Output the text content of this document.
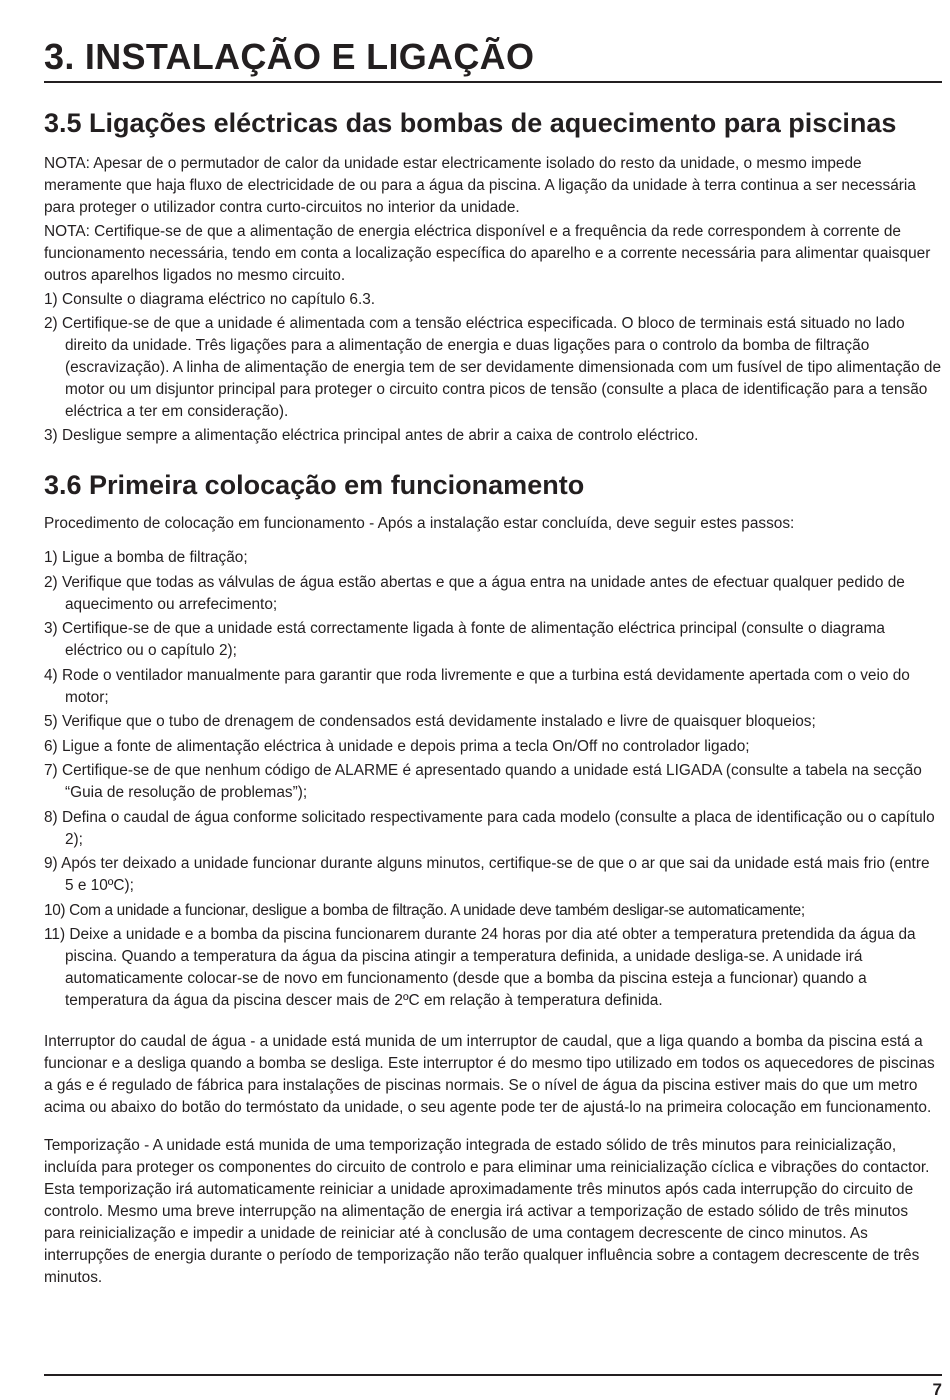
3. INSTALAÇÃO E LIGAÇÃO
3.5 Ligações eléctricas das bombas de aquecimento para piscinas

NOTA: Apesar de o permutador de calor da unidade estar electricamente isolado do resto da unidade, o mesmo impede meramente que haja fluxo de electricidade de ou para a água da piscina. A ligação da unidade à terra continua a ser necessária para proteger o utilizador contra curto-circuitos no interior da unidade.

NOTA: Certifique-se de que a alimentação de energia eléctrica disponível e a frequência da rede correspondem à corrente de funcionamento necessária, tendo em conta a localização específica do aparelho e a corrente necessária para alimentar quaisquer outros aparelhos ligados no mesmo circuito.

1) Consulte o diagrama eléctrico no capítulo 6.3.
2) Certifique-se de que a unidade é alimentada com a tensão eléctrica especificada. O bloco de terminais está situado no lado direito da unidade. Três ligações para a alimentação de energia e duas ligações para o controlo da bomba de filtração (escravização). A linha de alimentação de energia tem de ser devidamente dimensionada com um fusível de tipo alimentação de motor ou um disjuntor principal para proteger o circuito contra picos de tensão (consulte a placa de identificação para a tensão eléctrica a ter em consideração).
3) Desligue sempre a alimentação eléctrica principal antes de abrir a caixa de controlo eléctrico.
3.6 Primeira colocação em funcionamento

Procedimento de colocação em funcionamento - Após a instalação estar concluída, deve seguir estes passos:

1) Ligue a bomba de filtração;
2) Verifique que todas as válvulas de água estão abertas e que a água entra na unidade antes de efectuar qualquer pedido de aquecimento ou arrefecimento;
3) Certifique-se de que a unidade está correctamente ligada à fonte de alimentação eléctrica principal (consulte o diagrama eléctrico ou o capítulo 2);
4) Rode o ventilador manualmente para garantir que roda livremente e que a turbina está devidamente apertada com o veio do motor;
5) Verifique que o tubo de drenagem de condensados está devidamente instalado e livre de quaisquer bloqueios;
6) Ligue a fonte de alimentação eléctrica à unidade e depois prima a tecla On/Off no controlador ligado;
7) Certifique-se de que nenhum código de ALARME é apresentado quando a unidade está LIGADA (consulte a tabela na secção “Guia de resolução de problemas”);
8) Defina o caudal de água conforme solicitado respectivamente para cada modelo (consulte a placa de identificação ou o capítulo 2);
9) Após ter deixado a unidade funcionar durante alguns minutos, certifique-se de que o ar que sai da unidade está mais frio (entre 5 e 10ºC);
10) Com a unidade a funcionar, desligue a bomba de filtração. A unidade deve também desligar-se automaticamente;
11) Deixe a unidade e a bomba da piscina funcionarem durante 24 horas por dia até obter a temperatura pretendida da água da piscina. Quando a temperatura da água da piscina atingir a temperatura definida, a unidade desliga-se. A unidade irá automaticamente colocar-se de novo em funcionamento (desde que a bomba da piscina esteja a funcionar) quando a temperatura da água da piscina descer mais de 2ºC em relação à temperatura definida.

Interruptor do caudal de água - a unidade está munida de um interruptor de caudal, que a liga quando a bomba da piscina está a funcionar e a desliga quando a bomba se desliga. Este interruptor é do mesmo tipo utilizado em todos os aquecedores de piscinas a gás e é regulado de fábrica para instalações de piscinas normais. Se o nível de água da piscina estiver mais do que um metro acima ou abaixo do botão do termóstato da unidade, o seu agente pode ter de ajustá-lo na primeira colocação em funcionamento.

Temporização - A unidade está munida de uma temporização integrada de estado sólido de três minutos para reinicialização, incluída para proteger os componentes do circuito de controlo e para eliminar uma reinicialização cíclica e vibrações do contactor. Esta temporização irá automaticamente reiniciar a unidade aproximadamente três minutos após cada interrupção do circuito de controlo. Mesmo uma breve interrupção na alimentação de energia irá activar a temporização de estado sólido de três minutos para reinicialização e impedir a unidade de reiniciar até à conclusão de uma contagem decrescente de cinco minutos. As interrupções de energia durante o período de temporização não terão qualquer influência sobre a contagem decrescente de três minutos.

7
